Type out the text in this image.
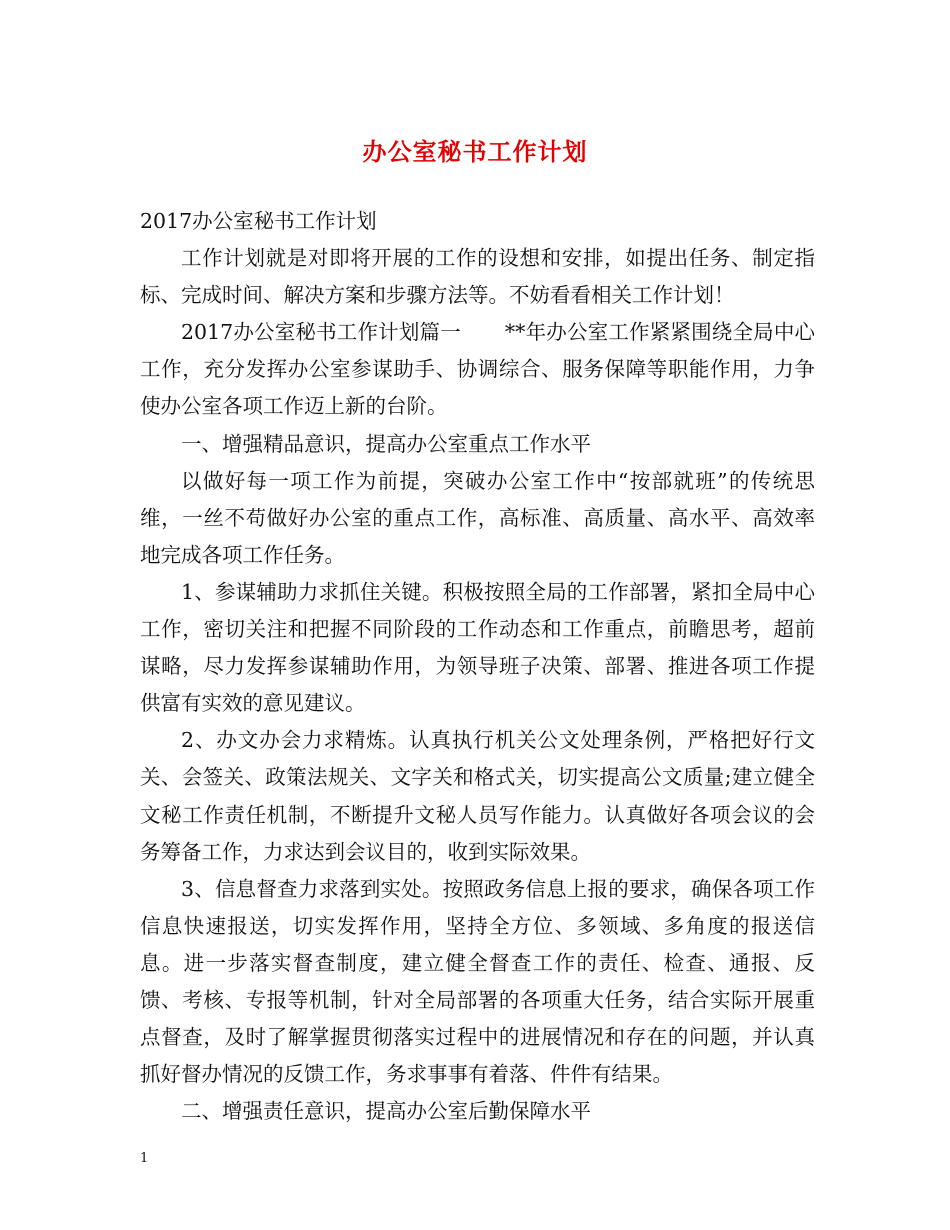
办公室秘书工作计划

2017办公室秘书工作计划

工作计划就是对即将开展的工作的设想和安排，如提出任务、制定指标、完成时间、解决方案和步骤方法等。不妨看看相关工作计划！

2017办公室秘书工作计划篇一 **年办公室工作紧紧围绕全局中心工作，充分发挥办公室参谋助手、协调综合、服务保障等职能作用，力争使办公室各项工作迈上新的台阶。

一、增强精品意识，提高办公室重点工作水平

以做好每一项工作为前提，突破办公室工作中“按部就班”的传统思维，一丝不苟做好办公室的重点工作，高标准、高质量、高水平、高效率地完成各项工作任务。

1、参谋辅助力求抓住关键。积极按照全局的工作部署，紧扣全局中心工作，密切关注和把握不同阶段的工作动态和工作重点，前瞻思考，超前谋略，尽力发挥参谋辅助作用，为领导班子决策、部署、推进各项工作提供富有实效的意见建议。

2、办文办会力求精炼。认真执行机关公文处理条例，严格把好行文关、会签关、政策法规关、文字关和格式关，切实提高公文质量;建立健全文秘工作责任机制，不断提升文秘人员写作能力。认真做好各项会议的会务筹备工作，力求达到会议目的，收到实际效果。

3、信息督查力求落到实处。按照政务信息上报的要求，确保各项工作信息快速报送，切实发挥作用，坚持全方位、多领域、多角度的报送信息。进一步落实督查制度，建立健全督查工作的责任、检查、通报、反馈、考核、专报等机制，针对全局部署的各项重大任务，结合实际开展重点督查，及时了解掌握贯彻落实过程中的进展情况和存在的问题，并认真抓好督办情况的反馈工作，务求事事有着落、件件有结果。

二、增强责任意识，提高办公室后勤保障水平

1
